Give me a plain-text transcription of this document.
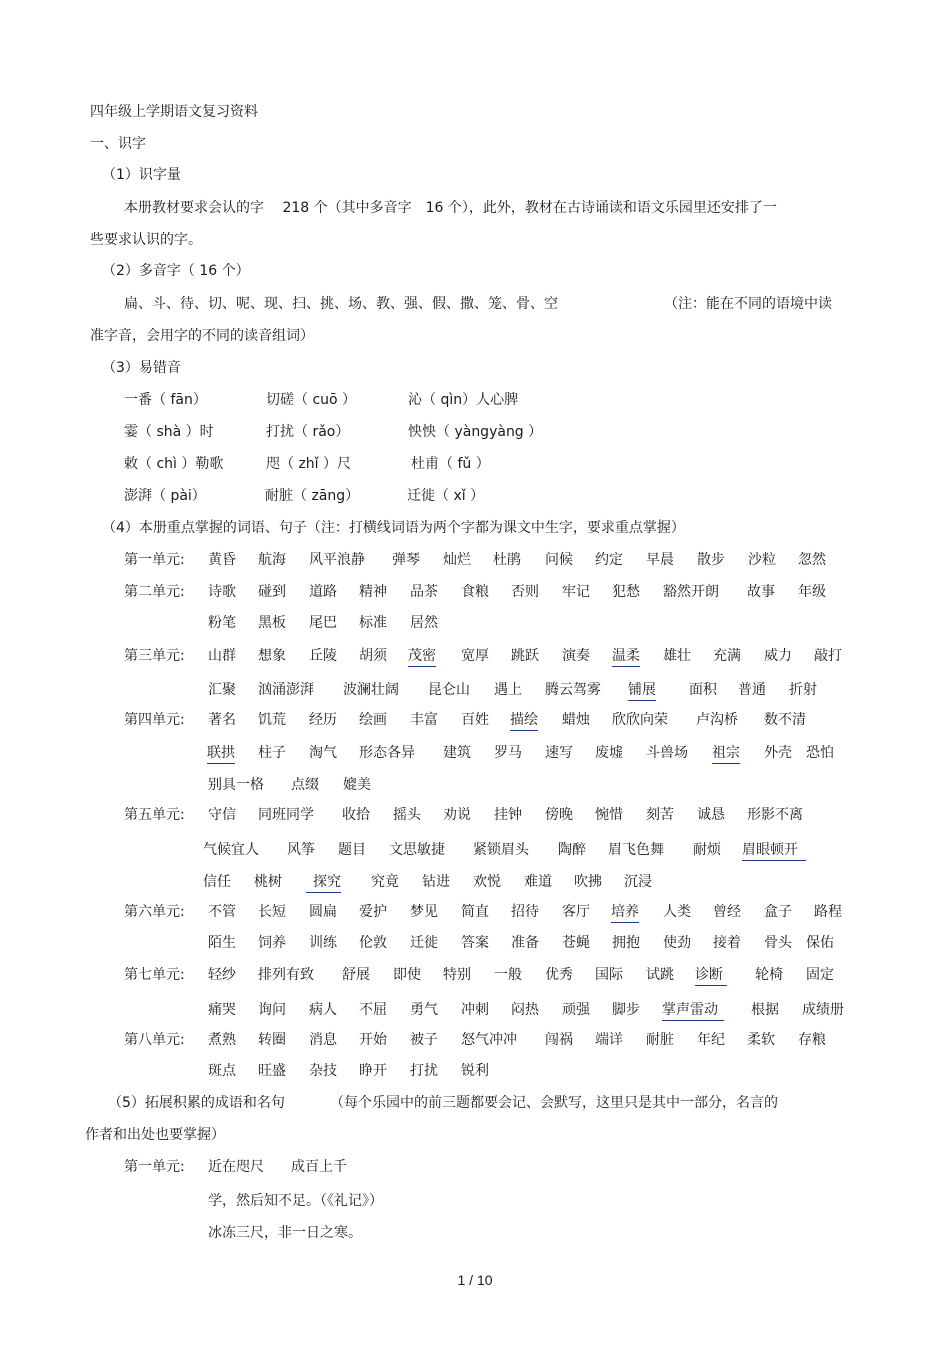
四年级上学期语文复习资料
一、识字
（1）识字量
本册教材要求会认的字　 218 个（其中多音字　16 个），此外，教材在古诗诵读和语文乐园里还安排了一
些要求认识的字。
（2）多音字（ 16 个）
扁、斗、待、切、呢、现、扫、挑、场、教、强、假、撒、笼、骨、空	（注：能在不同的语境中读
准字音，会用字的不同的读音组词）
（3）易错音
一番（ fān）	切磋（ cuō ）	沁（ qìn）人心脾
霎（ shà ）时	打扰（ rǎo）	怏怏（ yàngyàng ）
敕（ chì ）勒歌	咫（ zhǐ ）尺	杜甫（ fǔ ）
澎湃（ pài）	耐脏（ zāng）	迁徙（ xǐ ）
（4）本册重点掌握的词语、句子（注：打横线词语为两个字都为课文中生字，要求重点掌握）
第一单元: 黄昏 航海 风平浪静 弹琴 灿烂 杜鹃 问候 约定 早晨 散步 沙粒 忽然
第二单元: 诗歌 碰到 道路 精神 品茶 食粮 否则 牢记 犯愁 豁然开朗 故事 年级
粉笔 黑板 尾巴 标准 居然
第三单元: 山群 想象 丘陵 胡须 茂密 宽厚 跳跃 演奏 温柔 雄壮 充满 威力 敲打
汇聚 汹涌澎湃 波澜壮阔 昆仑山 遇上 腾云驾雾 铺展 面积 普通 折射
第四单元: 著名 饥荒 经历 绘画 丰富 百姓 描绘 蜡烛 欣欣向荣 卢沟桥 数不清
联拱 柱子 淘气 形态各异 建筑 罗马 速写 废墟 斗兽场 祖宗 外壳 恐怕
别具一格 点缀 媲美
第五单元: 守信 同班同学 收拾 摇头 劝说 挂钟 傍晚 惋惜 刻苦 诚恳 形影不离
气候宜人 风筝 题目 文思敏捷 紧锁眉头 陶醉 眉飞色舞 耐烦 眉眼顿开
信任 桃树	探究 究竟 钻进 欢悦 难道 吹拂 沉浸
第六单元: 不管 长短 圆扁 爱护 梦见 简直 招待 客厅 培养 人类 曾经 盒子 路程
陌生 饲养 训练 伦敦 迁徙 答案 准备 苍蝇 拥抱 使劲 接着 骨头 保佑
第七单元: 轻纱 排列有致 舒展 即使 特别 一般 优秀 国际 试跳 诊断 轮椅 固定
痛哭 询问 病人 不屈 勇气 冲刺 闷热 顽强 脚步 掌声雷动	根据 成绩册
第八单元: 煮熟 转圈 消息 开始 被子 怒气冲冲 闯祸 端详 耐脏 年纪 柔软 存粮
斑点 旺盛 杂技 睁开 打扰 锐利
（5）拓展积累的成语和名句	（每个乐园中的前三题都要会记、会默写，这里只是其中一部分，名言的
作者和出处也要掌握）
第一单元: 近在咫尺 成百上千
学，然后知不足。（《礼记》）
冰冻三尺，非一日之寒。
1 / 10
